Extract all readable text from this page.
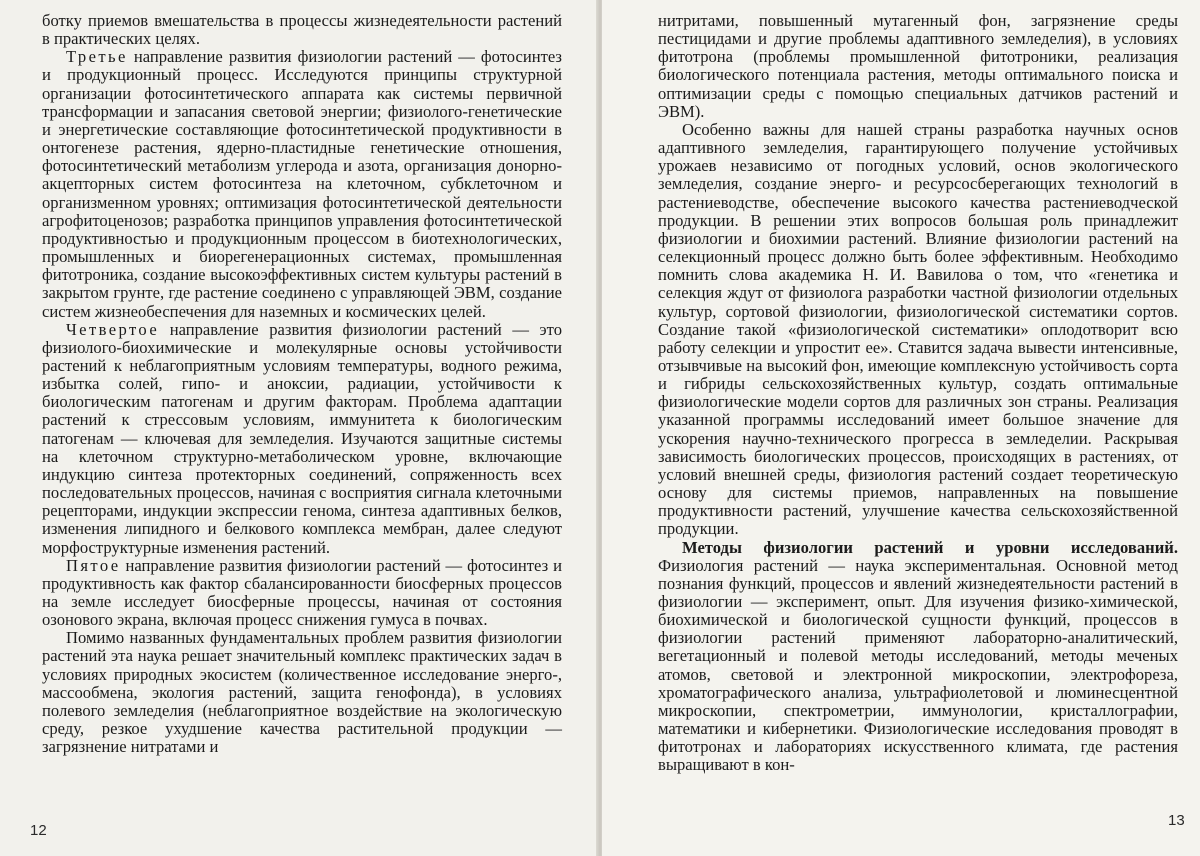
ботку приемов вмешательства в процессы жизнедеятельности растений в практических целях.

Третье направление развития физиологии растений — фотосинтез и продукционный процесс. Исследуются принципы структурной организации фотосинтетического аппарата как системы первичной трансформации и запасания световой энергии; физиолого-генетические и энергетические составляющие фотосинтетической продуктивности в онтогенезе растения, ядерно-пластидные генетические отношения, фотосинтетический метаболизм углерода и азота, организация донорно-акцепторных систем фотосинтеза на клеточном, субклеточном и организменном уровнях; оптимизация фотосинтетической деятельности агрофитоценозов; разработка принципов управления фотосинтетической продуктивностью и продукционным процессом в биотехнологических, промышленных и биорегенерационных системах, промышленная фитотроника, создание высокоэффективных систем культуры растений в закрытом грунте, где растение соединено с управляющей ЭВМ, создание систем жизнеобеспечения для наземных и космических целей.

Четвертое направление развития физиологии растений — это физиолого-биохимические и молекулярные основы устойчивости растений к неблагоприятным условиям температуры, водного режима, избытка солей, гипо- и аноксии, радиации, устойчивости к биологическим патогенам и другим факторам. Проблема адаптации растений к стрессовым условиям, иммунитета к биологическим патогенам — ключевая для земледелия. Изучаются защитные системы на клеточном структурно-метаболическом уровне, включающие индукцию синтеза протекторных соединений, сопряженность всех последовательных процессов, начиная с восприятия сигнала клеточными рецепторами, индукции экспрессии генома, синтеза адаптивных белков, изменения липидного и белкового комплекса мембран, далее следуют морфоструктурные изменения растений.

Пятое направление развития физиологии растений — фотосинтез и продуктивность как фактор сбалансированности биосферных процессов на земле исследует биосферные процессы, начиная от состояния озонового экрана, включая процесс снижения гумуса в почвах.

Помимо названных фундаментальных проблем развития физиологии растений эта наука решает значительный комплекс практических задач в условиях природных экосистем (количественное исследование энерго-, массообмена, экология растений, защита генофонда), в условиях полевого земледелия (неблагоприятное воздействие на экологическую среду, резкое ухудшение качества растительной продукции — загрязнение нитратами и

12

нитритами, повышенный мутагенный фон, загрязнение среды пестицидами и другие проблемы адаптивного земледелия), в условиях фитотрона (проблемы промышленной фитотроники, реализация биологического потенциала растения, методы оптимального поиска и оптимизации среды с помощью специальных датчиков растений и ЭВМ).

Особенно важны для нашей страны разработка научных основ адаптивного земледелия, гарантирующего получение устойчивых урожаев независимо от погодных условий, основ экологического земледелия, создание энерго- и ресурсосберегающих технологий в растениеводстве, обеспечение высокого качества растениеводческой продукции. В решении этих вопросов большая роль принадлежит физиологии и биохимии растений. Влияние физиологии растений на селекционный процесс должно быть более эффективным. Необходимо помнить слова академика Н. И. Вавилова о том, что «генетика и селекция ждут от физиолога разработки частной физиологии отдельных культур, сортовой физиологии, физиологической систематики сортов. Создание такой «физиологической систематики» оплодотворит всю работу селекции и упростит ее». Ставится задача вывести интенсивные, отзывчивые на высокий фон, имеющие комплексную устойчивость сорта и гибриды сельскохозяйственных культур, создать оптимальные физиологические модели сортов для различных зон страны. Реализация указанной программы исследований имеет большое значение для ускорения научно-технического прогресса в земледелии. Раскрывая зависимость биологических процессов, происходящих в растениях, от условий внешней среды, физиология растений создает теоретическую основу для системы приемов, направленных на повышение продуктивности растений, улучшение качества сельскохозяйственной продукции.

Методы физиологии растений и уровни исследований. Физиология растений — наука экспериментальная. Основной метод познания функций, процессов и явлений жизнедеятельности растений в физиологии — эксперимент, опыт. Для изучения физико-химической, биохимической и биологической сущности функций, процессов в физиологии растений применяют лабораторно-аналитический, вегетационный и полевой методы исследований, методы меченых атомов, световой и электронной микроскопии, электрофореза, хроматографического анализа, ультрафиолетовой и люминесцентной микроскопии, спектрометрии, иммунологии, кристаллографии, математики и кибернетики. Физиологические исследования проводят в фитотронах и лабораториях искусственного климата, где растения выращивают в кон-

13
